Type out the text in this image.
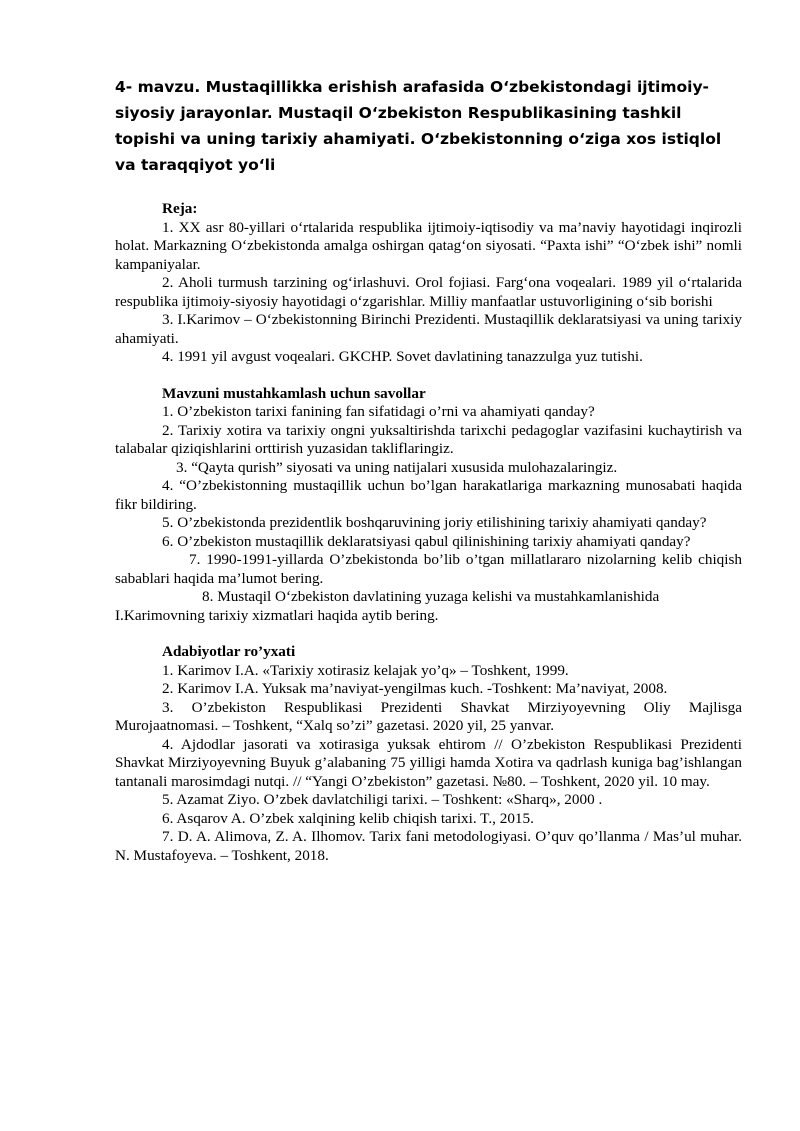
4- mavzu. Mustaqillikka erishish arafasida O‘zbekistondagi ijtimoiy-siyosiy jarayonlar. Mustaqil O‘zbekiston Respublikasining tashkil topishi va uning tarixiy ahamiyati. O‘zbekistonning o‘ziga xos istiqlol va taraqqiyot yo‘li

Reja:

1. XX asr 80-yillari o‘rtalarida respublika ijtimoiy-iqtisodiy va ma’naviy hayotidagi inqirozli holat. Markazning O‘zbekistonda amalga oshirgan qatag‘on siyosati. “Paxta ishi” “O‘zbek ishi” nomli kampaniyalar.

2. Aholi turmush tarzining og‘irlashuvi. Orol fojiasi. Farg‘ona voqealari. 1989 yil o‘rtalarida respublika ijtimoiy-siyosiy hayotidagi o‘zgarishlar. Milliy manfaatlar ustuvorligining o‘sib borishi

3. I.Karimov – O‘zbekistonning Birinchi Prezidenti. Mustaqillik deklaratsiyasi va uning tarixiy ahamiyati.

4. 1991 yil avgust voqealari. GKCHP. Sovet davlatining tanazzulga yuz tutishi.

Mavzuni mustahkamlash uchun savollar

1. O’zbekiston tarixi fanining fan sifatidagi o’rni va ahamiyati qanday?

2. Tarixiy xotira va tarixiy ongni yuksaltirishda tarixchi pedagoglar vazifasini kuchaytirish va talabalar qiziqishlarini orttirish yuzasidan takliflaringiz.

3. “Qayta qurish” siyosati va uning natijalari xususida mulohazalaringiz.

4. “O’zbekistonning mustaqillik uchun bo’lgan harakatlariga markazning munosabati haqida fikr bildiring.

5. O’zbekistonda prezidentlik boshqaruvining joriy etilishining tarixiy ahamiyati qanday?

6. O’zbekiston mustaqillik deklaratsiyasi qabul qilinishining tarixiy ahamiyati qanday?

7. 1990-1991-yillarda O’zbekistonda bo’lib o’tgan millatlararo nizolarning kelib chiqish sabablari haqida ma’lumot bering.

8. Mustaqil O‘zbekiston davlatining yuzaga kelishi va mustahkamlanishida I.Karimovning tarixiy xizmatlari haqida aytib bering.

Adabiyotlar ro’yxati

1. Karimov I.A. «Tarixiy xotirasiz kelajak yo’q» – Toshkent, 1999.

2. Karimov I.A. Yuksak ma’naviyat-yengilmas kuch. -Toshkent: Ma’naviyat, 2008.

3. O’zbekiston Respublikasi Prezidenti Shavkat Mirziyoyevning Oliy Majlisga Murojaatnomasi. – Toshkent, “Xalq so’zi” gazetasi. 2020 yil, 25 yanvar.

4. Ajdodlar jasorati va xotirasiga yuksak ehtirom // O’zbekiston Respublikasi Prezidenti Shavkat Mirziyoyevning Buyuk g’alabaning 75 yilligi hamda Xotira va qadrlash kuniga bag’ishlangan tantanali marosimdagi nutqi. // “Yangi O’zbekiston” gazetasi. №80. – Toshkent, 2020 yil. 10 may.

5. Azamat Ziyo. O’zbek davlatchiligi tarixi. – Toshkent: «Sharq», 2000 .

6. Asqarov A. O’zbek xalqining kelib chiqish tarixi. T., 2015.

7. D. A. Alimova, Z. A. Ilhomov. Tarix fani metodologiyasi. O’quv qo’llanma / Mas’ul muhar. N. Mustafoyeva. – Toshkent, 2018.
